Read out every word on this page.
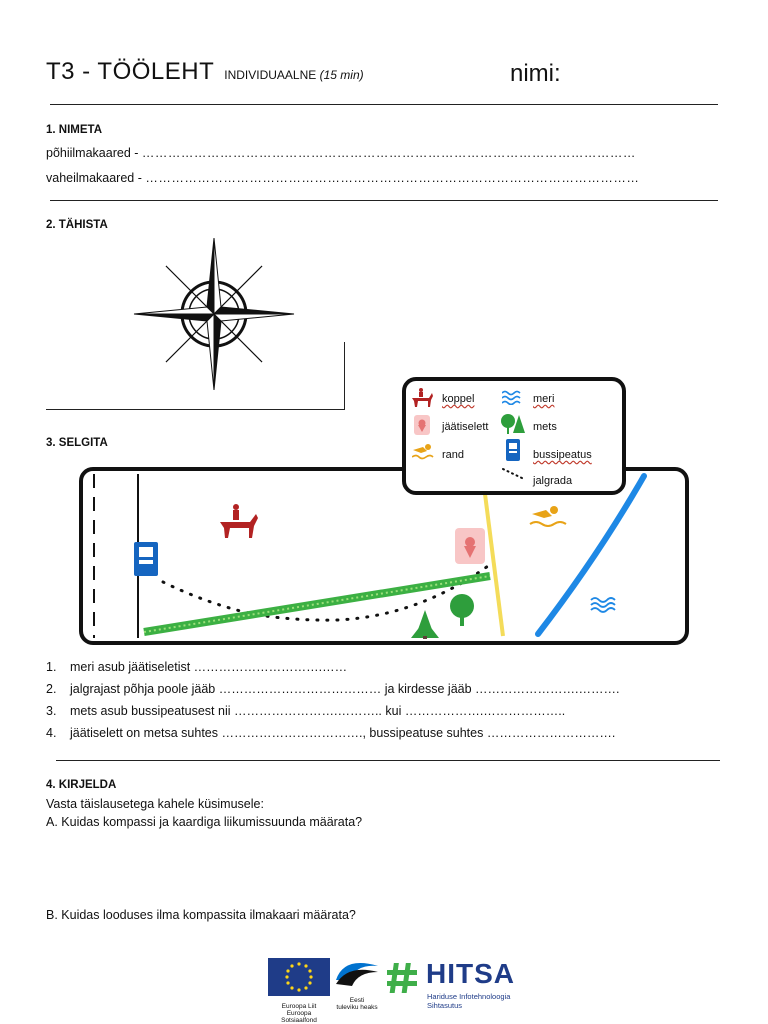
T3 - TÖÖLEHT INDIVIDUAALNE (15 min)	nimi:
1. NIMETA
põhiilmakaared - ……………………………………………………………………………………………………
vaheilmakaared - ……………………………………………………………………………………………………
2. TÄHISTA
3. SELGITA
koppel	meri
jäätiselett	mets
rand	bussipeatus
jalgrada
1. meri asub jäätiseletist ………………………….……
2. jalgrajast põhja poole jääb ………………………………… ja kirdesse jääb …………………….……….
3. mets asub bussipeatusest nii …………………….……….. kui ……………….………………..
4. jäätiselett on metsa suhtes ……………………………., bussipeatuse suhtes ………………………….
4. KIRJELDA
Vasta täislausetega kahele küsimusele:
A. Kuidas kompassi ja kaardiga liikumissuunda määrata?
B. Kuidas looduses ilma kompassita ilmakaari määrata?
Euroopa Liit
Euroopa Sotsiaalfond
Eesti
tuleviku heaks
HITSA
Hariduse Infotehnoloogia
Sihtasutus
